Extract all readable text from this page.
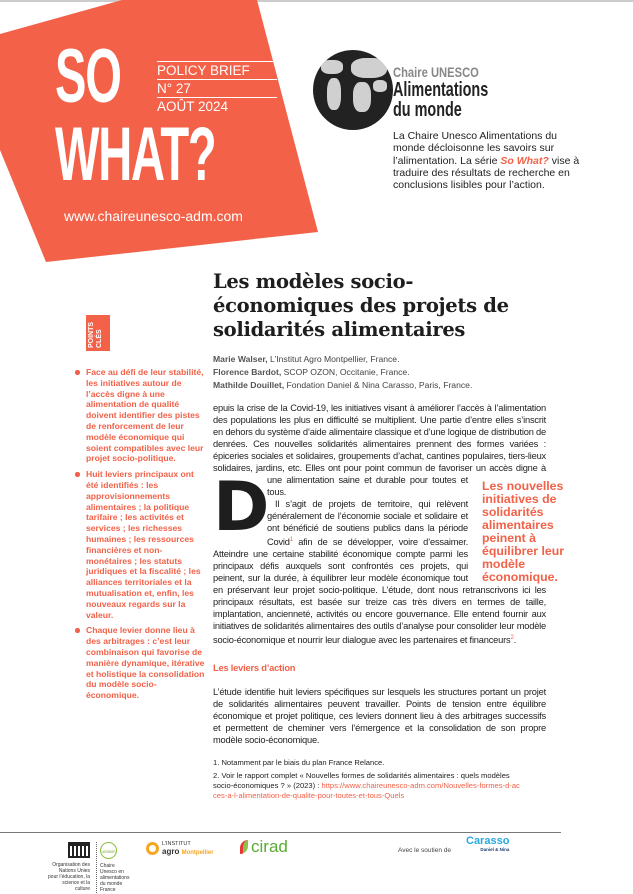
SO
WHAT?
POLICY BRIEF
N° 27
AOÛT 2024
www.chaireunesco-adm.com
Chaire UNESCO
Alimentations
du monde
La Chaire Unesco Alimentations du monde décloisonne les savoirs sur l’alimentation. La série So What? vise à traduire des résultats de recherche en conclusions lisibles pour l’action.
Les modèles socio-économiques des projets de solidarités alimentaires
POINTS CLÉS
Face au défi de leur stabilité, les initiatives autour de l’accès digne à une alimentation de qualité doivent identifier des pistes de renforcement de leur modèle économique qui soient compatibles avec leur projet socio-politique.
Huit leviers principaux ont été identifiés : les approvisionnements alimentaires ; la politique tarifaire ; les activités et services ; les richesses humaines ; les ressources financières et non-monétaires ; les statuts juridiques et la fiscalité ; les alliances territoriales et la mutualisation et, enfin, les nouveaux regards sur la valeur.
Chaque levier donne lieu à des arbitrages : c’est leur combinaison qui favorise de manière dynamique, itérative et holistique la consolidation du modèle socio-économique.
Marie Walser, L’Institut Agro Montpellier, France.
Florence Bardot, SCOP OZON, Occitanie, France.
Mathilde Douillet, Fondation Daniel & Nina Carasso, Paris, France.
Les nouvelles initiatives de solidarités alimentaires peinent à équilibrer leur modèle économique.
D

epuis la crise de la Covid-19, les initiatives visant à améliorer l’accès à l’alimentation des populations les plus en difficulté se multiplient. Une partie d’entre elles s’inscrit en dehors du système d’aide alimentaire classique et d’une logique de distribution de denrées. Ces nouvelles solidarités alimentaires prennent des formes variées : épiceries sociales et solidaires, groupements d’achat, cantines populaires, tiers-lieux solidaires, jardins, etc. Elles ont pour point commun de favoriser un accès digne à une alimentation saine et durable pour toutes et tous.

Il s’agit de projets de territoire, qui relèvent généralement de l’économie sociale et solidaire et ont bénéficié de soutiens publics dans la période Covid$^1$ afin de se développer, voire d’essaimer. Atteindre une certaine stabilité économique compte parmi les principaux défis auxquels sont confrontés ces projets, qui peinent, sur la durée, à équilibrer leur modèle économique tout en préservant leur projet socio-politique. L’étude, dont nous retranscrivons ici les principaux résultats, est basée sur treize cas très divers en termes de taille, implantation, ancienneté, activités ou encore gouvernance. Elle entend fournir aux initiatives de solidarités alimentaires des outils d’analyse pour consolider leur modèle socio-économique et nourrir leur dialogue avec les partenaires et financeurs$^2$.

Les leviers d’action

L’étude identifie huit leviers spécifiques sur lesquels les structures portant un projet de solidarités alimentaires peuvent travailler. Points de tension entre équilibre économique et projet politique, ces leviers donnent lieu à des arbitrages successifs et permettent de cheminer vers l’émergence et la consolidation de son propre modèle socio-économique.

1. Notamment par le biais du plan France Relance.

2. Voir le rapport complet « Nouvelles formes de solidarités alimentaires : quels modèles socio-économiques ? » (2023) : https://www.chaireunesco-adm.com/Nouvelles-formes-d-acces-a-l-alimentation-de-qualite-pour-toutes-et-tous-Quels

Organisation des Nations Unies pour l’éducation, la science et la culture
unitwin
Chaire Unesco en alimentations du monde France
L’INSTITUT
agro Montpellier cirad	Avec le soutien de
Carasso
Daniel & Nina
